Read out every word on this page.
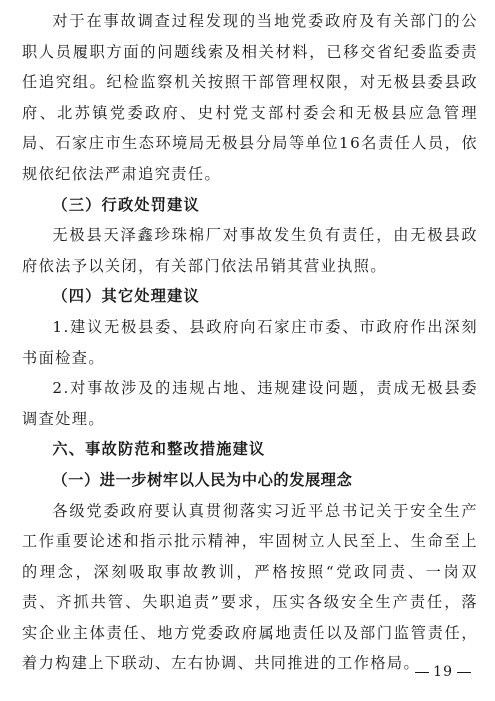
对于在事故调查过程发现的当地党委政府及有关部门的公职人员履职方面的问题线索及相关材料，已移交省纪委监委责任追究组。纪检监察机关按照干部管理权限，对无极县委县政府、北苏镇党委政府、史村党支部村委会和无极县应急管理局、石家庄市生态环境局无极县分局等单位16名责任人员，依规依纪依法严肃追究责任。

（三）行政处罚建议

无极县天泽鑫珍珠棉厂对事故发生负有责任，由无极县政府依法予以关闭，有关部门依法吊销其营业执照。

（四）其它处理建议

1.建议无极县委、县政府向石家庄市委、市政府作出深刻书面检查。

2.对事故涉及的违规占地、违规建设问题，责成无极县委调查处理。

六、事故防范和整改措施建议

（一）进一步树牢以人民为中心的发展理念

各级党委政府要认真贯彻落实习近平总书记关于安全生产工作重要论述和指示批示精神，牢固树立人民至上、生命至上的理念，深刻吸取事故教训，严格按照“党政同责、一岗双责、齐抓共管、失职追责”要求，压实各级安全生产责任，落实企业主体责任、地方党委政府属地责任以及部门监管责任，着力构建上下联动、左右协调、共同推进的工作格局。 19
